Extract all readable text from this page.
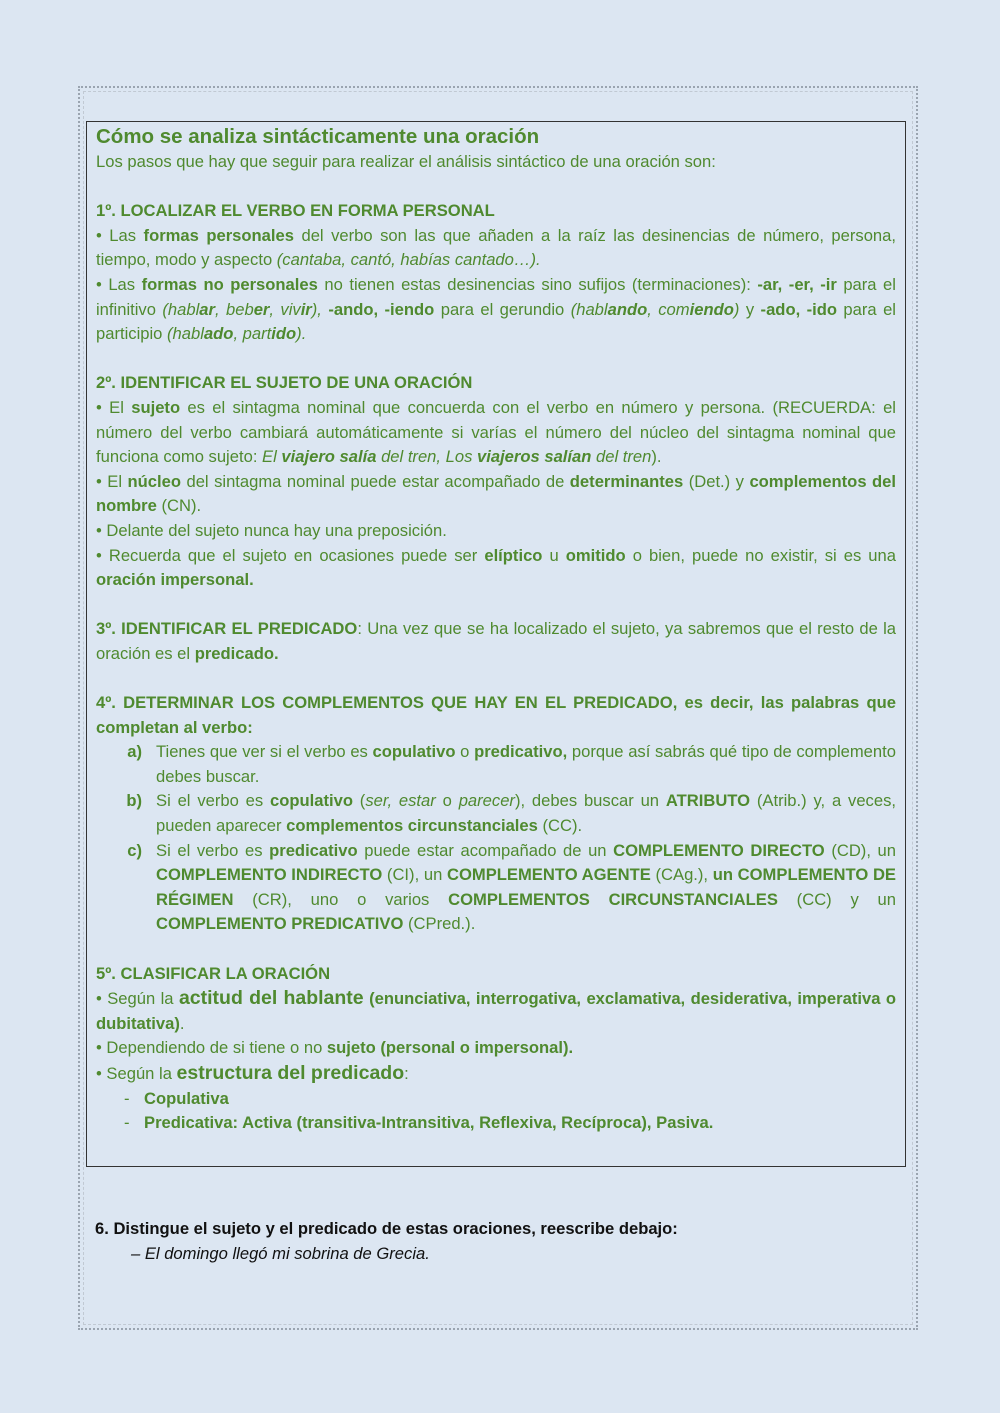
Cómo se analiza sintácticamente una oración

Los pasos que hay que seguir para realizar el análisis sintáctico de una oración son:

1º. LOCALIZAR EL VERBO EN FORMA PERSONAL

• Las formas personales del verbo son las que añaden a la raíz las desinencias de número, persona, tiempo, modo y aspecto (cantaba, cantó, habías cantado…).

• Las formas no personales no tienen estas desinencias sino sufijos (terminaciones): -ar, -er, -ir para el infinitivo (hablar, beber, vivir), -ando, -iendo para el gerundio (hablando, comiendo) y -ado, -ido para el participio (hablado, partido).

2º. IDENTIFICAR EL SUJETO DE UNA ORACIÓN

• El sujeto es el sintagma nominal que concuerda con el verbo en número y persona. (RECUERDA: el número del verbo cambiará automáticamente si varías el número del núcleo del sintagma nominal que funciona como sujeto: El viajero salía del tren, Los viajeros salían del tren).

• El núcleo del sintagma nominal puede estar acompañado de determinantes (Det.) y complementos del nombre (CN).

• Delante del sujeto nunca hay una preposición.

• Recuerda que el sujeto en ocasiones puede ser elíptico u omitido o bien, puede no existir, si es una oración impersonal.

3º. IDENTIFICAR EL PREDICADO: Una vez que se ha localizado el sujeto, ya sabremos que el resto de la oración es el predicado.

4º. DETERMINAR LOS COMPLEMENTOS QUE HAY EN EL PREDICADO, es decir, las palabras que completan al verbo:

a) Tienes que ver si el verbo es copulativo o predicativo, porque así sabrás qué tipo de complemento debes buscar.
b) Si el verbo es copulativo (ser, estar o parecer), debes buscar un ATRIBUTO (Atrib.) y, a veces, pueden aparecer complementos circunstanciales (CC).
c) Si el verbo es predicativo puede estar acompañado de un COMPLEMENTO DIRECTO (CD), un COMPLEMENTO INDIRECTO (CI), un COMPLEMENTO AGENTE (CAg.), un COMPLEMENTO DE RÉGIMEN (CR), uno o varios COMPLEMENTOS CIRCUNSTANCIALES (CC) y un COMPLEMENTO PREDICATIVO (CPred.).

5º. CLASIFICAR LA ORACIÓN

• Según la actitud del hablante (enunciativa, interrogativa, exclamativa, desiderativa, imperativa o dubitativa).

• Dependiendo de si tiene o no sujeto (personal o impersonal).

• Según la estructura del predicado:

- Copulativa
- Predicativa: Activa (transitiva-Intransitiva, Reflexiva, Recíproca), Pasiva.
6. Distingue el sujeto y el predicado de estas oraciones, reescribe debajo:
– El domingo llegó mi sobrina de Grecia.
